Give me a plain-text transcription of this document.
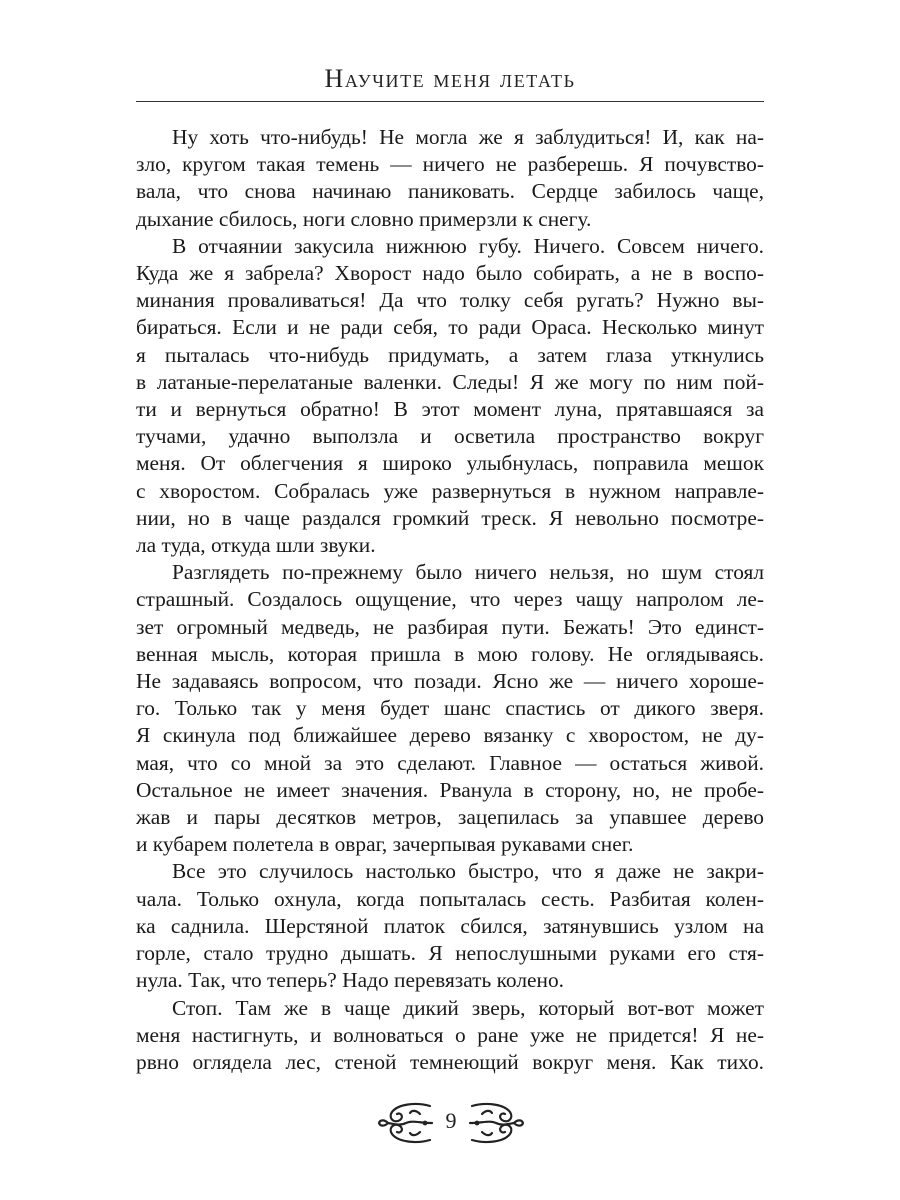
Научите меня летать
Ну хоть что-нибудь! Не могла же я заблудиться! И, как на-
зло, кругом такая темень — ничего не разберешь. Я почувство-
вала, что снова начинаю паниковать. Сердце забилось чаще,
дыхание сбилось, ноги словно примерзли к снегу.
В отчаянии закусила нижнюю губу. Ничего. Совсем ничего.
Куда же я забрела? Хворост надо было собирать, а не в воспо-
минания проваливаться! Да что толку себя ругать? Нужно вы-
бираться. Если и не ради себя, то ради Ораса. Несколько минут
я пыталась что-нибудь придумать, а затем глаза уткнулись
в латаные-перелатаные валенки. Следы! Я же могу по ним пой-
ти и вернуться обратно! В этот момент луна, прятавшаяся за
тучами, удачно выползла и осветила пространство вокруг
меня. От облегчения я широко улыбнулась, поправила мешок
с хворостом. Собралась уже развернуться в нужном направле-
нии, но в чаще раздался громкий треск. Я невольно посмотре-
ла туда, откуда шли звуки.
Разглядеть по-прежнему было ничего нельзя, но шум стоял
страшный. Создалось ощущение, что через чащу напролом ле-
зет огромный медведь, не разбирая пути. Бежать! Это единст-
венная мысль, которая пришла в мою голову. Не оглядываясь.
Не задаваясь вопросом, что позади. Ясно же — ничего хороше-
го. Только так у меня будет шанс спастись от дикого зверя.
Я скинула под ближайшее дерево вязанку с хворостом, не ду-
мая, что со мной за это сделают. Главное — остаться живой.
Остальное не имеет значения. Рванула в сторону, но, не пробе-
жав и пары десятков метров, зацепилась за упавшее дерево
и кубарем полетела в овраг, зачерпывая рукавами снег.
Все это случилось настолько быстро, что я даже не закри-
чала. Только охнула, когда попыталась сесть. Разбитая колен-
ка саднила. Шерстяной платок сбился, затянувшись узлом на
горле, стало трудно дышать. Я непослушными руками его стя-
нула. Так, что теперь? Надо перевязать колено.
Стоп. Там же в чаще дикий зверь, который вот-вот может
меня настигнуть, и волноваться о ране уже не придется! Я не-
рвно оглядела лес, стеной темнеющий вокруг меня. Как тихо.
9
